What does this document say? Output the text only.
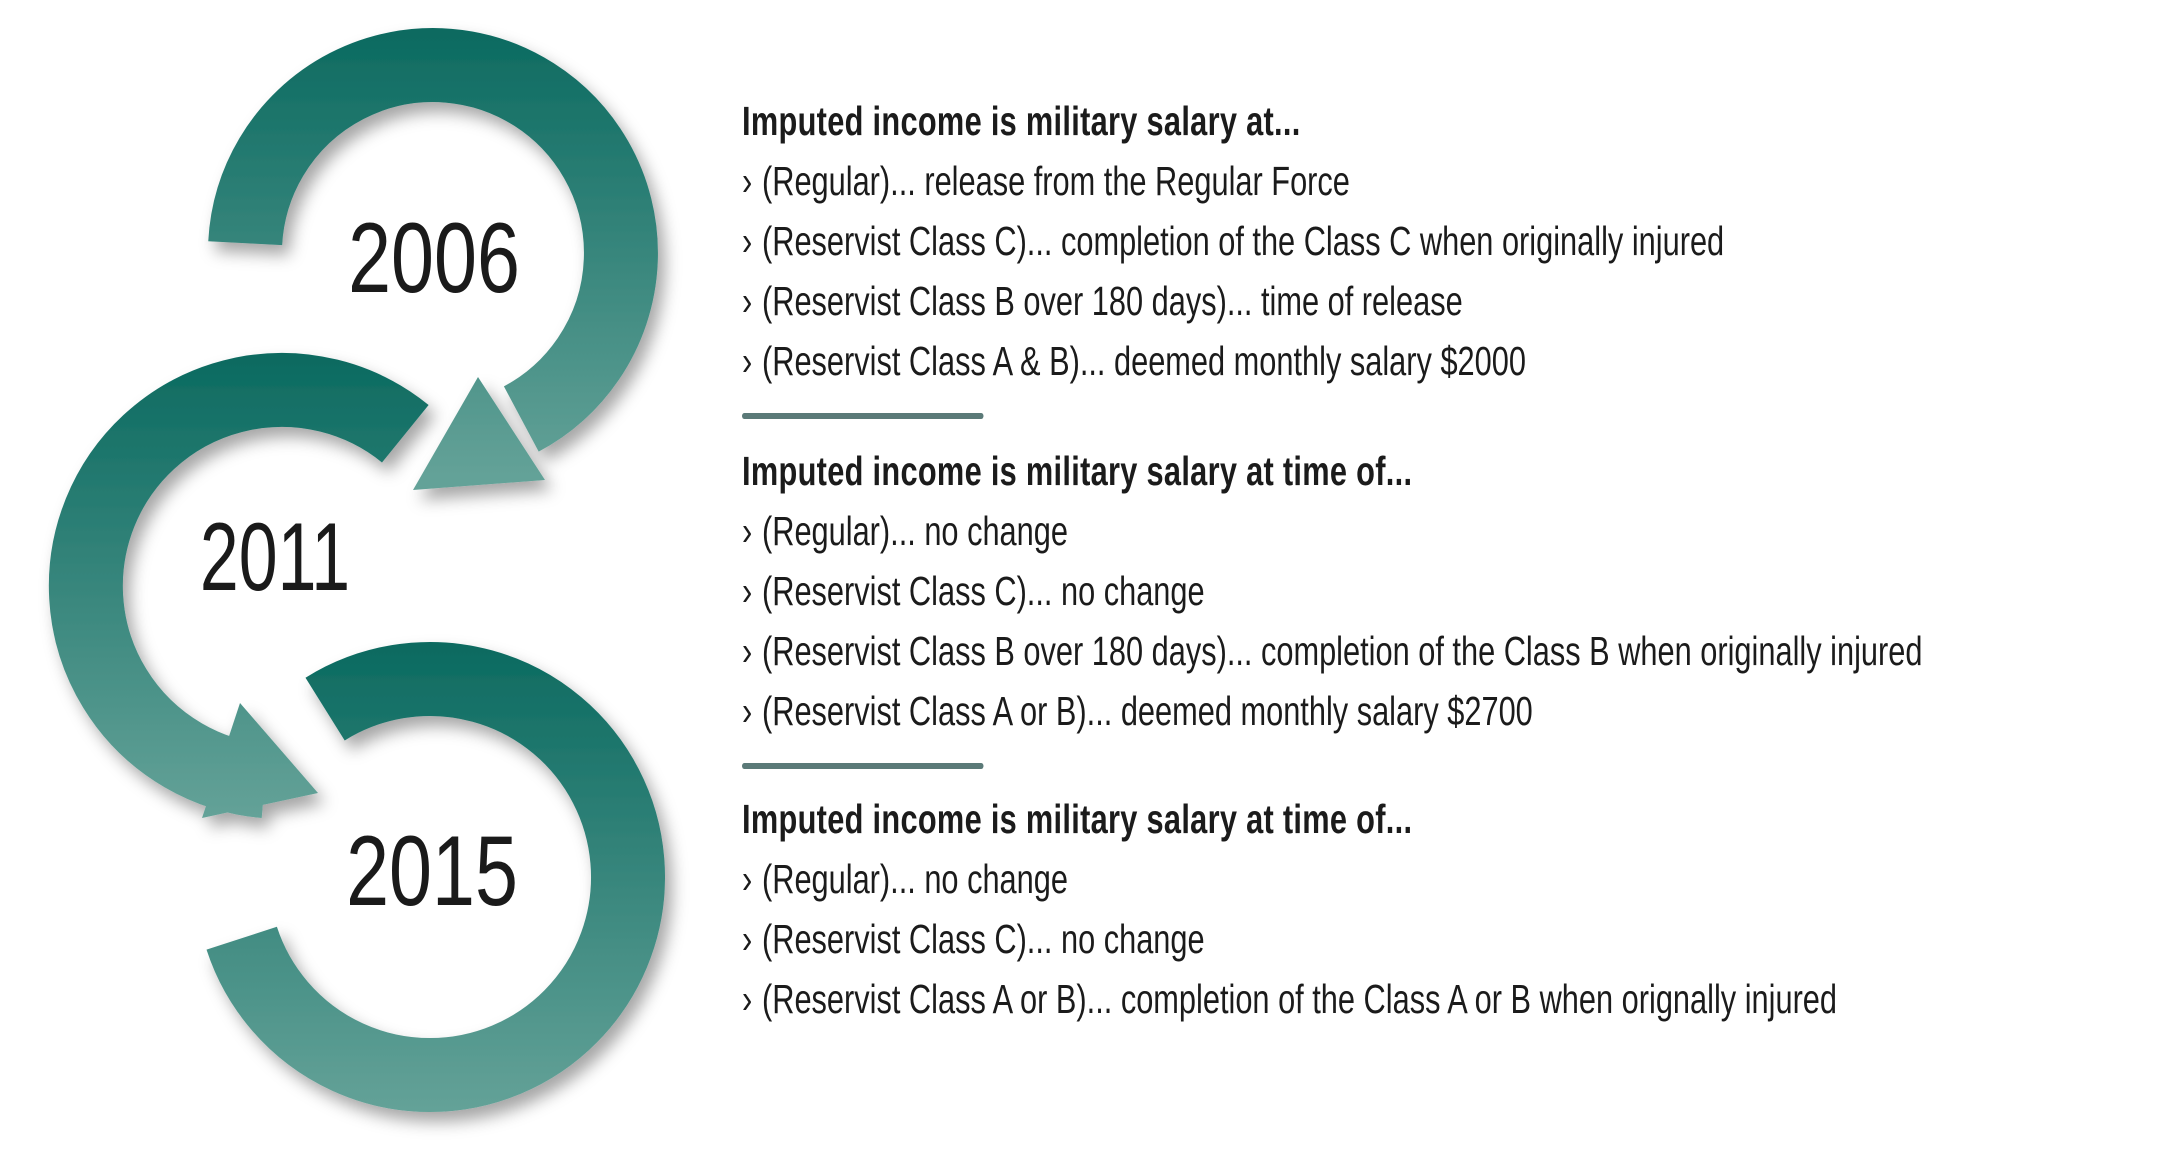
2006
2011
2015
Imputed income is military salary at...
› (Regular)... release from the Regular Force
› (Reservist Class C)... completion of the Class C when originally injured
› (Reservist Class B over 180 days)... time of release
› (Reservist Class A & B)... deemed monthly salary $2000
Imputed income is military salary at time of...
› (Regular)... no change
› (Reservist Class C)... no change
› (Reservist Class B over 180 days)... completion of the Class B when originally injured
› (Reservist Class A or B)... deemed monthly salary $2700
Imputed income is military salary at time of...
› (Regular)... no change
› (Reservist Class C)... no change
› (Reservist Class A or B)... completion of the Class A or B when orignally injured
